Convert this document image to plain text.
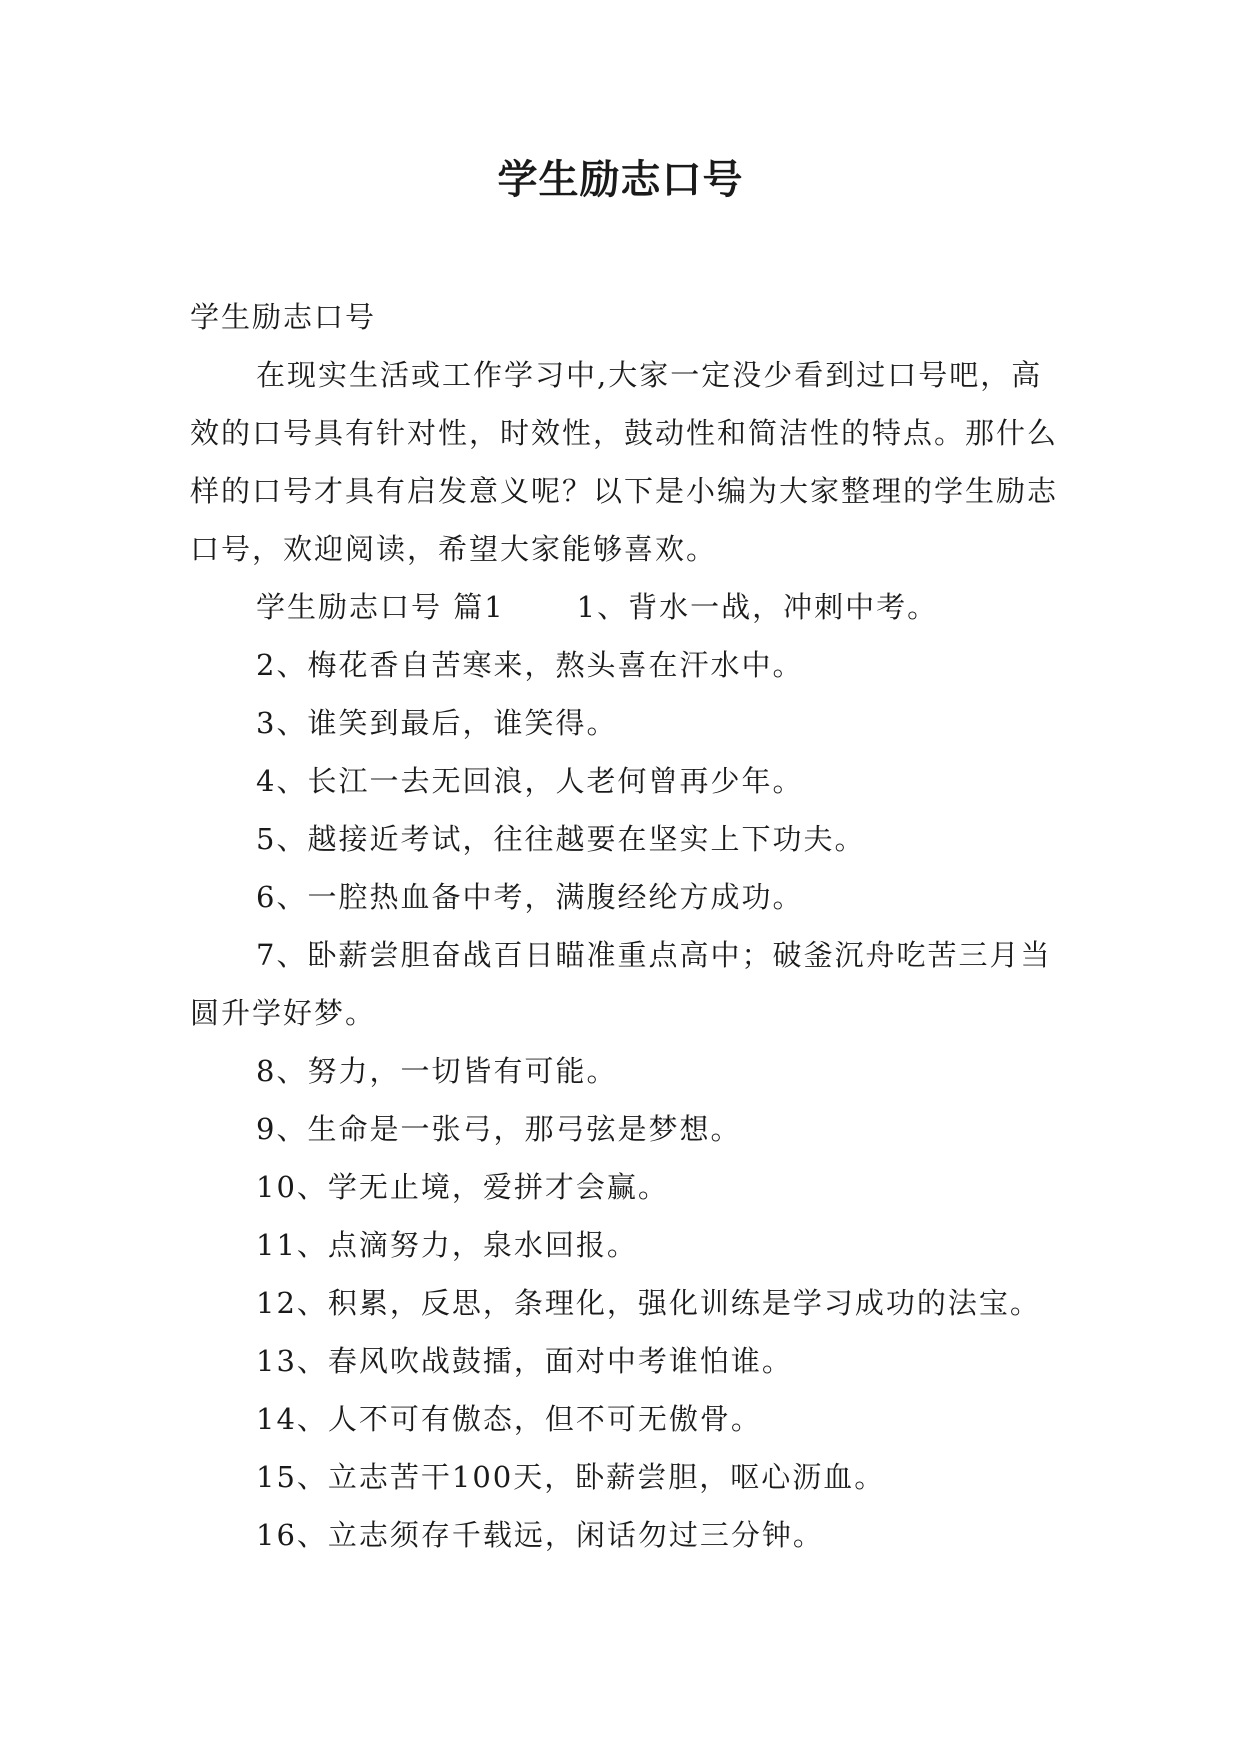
学生励志口号

学生励志口号

在现实生活或工作学习中,大家一定没少看到过口号吧，高效的口号具有针对性，时效性，鼓动性和简洁性的特点。那什么样的口号才具有启发意义呢？以下是小编为大家整理的学生励志口号，欢迎阅读，希望大家能够喜欢。

学生励志口号 篇1 1、背水一战，冲刺中考。

2、梅花香自苦寒来，熬头喜在汗水中。

3、谁笑到最后，谁笑得。

4、长江一去无回浪，人老何曾再少年。

5、越接近考试，往往越要在坚实上下功夫。

6、一腔热血备中考，满腹经纶方成功。

7、卧薪尝胆奋战百日瞄准重点高中；破釜沉舟吃苦三月当圆升学好梦。

8、努力，一切皆有可能。

9、生命是一张弓，那弓弦是梦想。

10、学无止境，爱拼才会赢。

11、点滴努力，泉水回报。

12、积累，反思，条理化，强化训练是学习成功的法宝。

13、春风吹战鼓擂，面对中考谁怕谁。

14、人不可有傲态，但不可无傲骨。

15、立志苦干100天，卧薪尝胆，呕心沥血。

16、立志须存千载远，闲话勿过三分钟。
